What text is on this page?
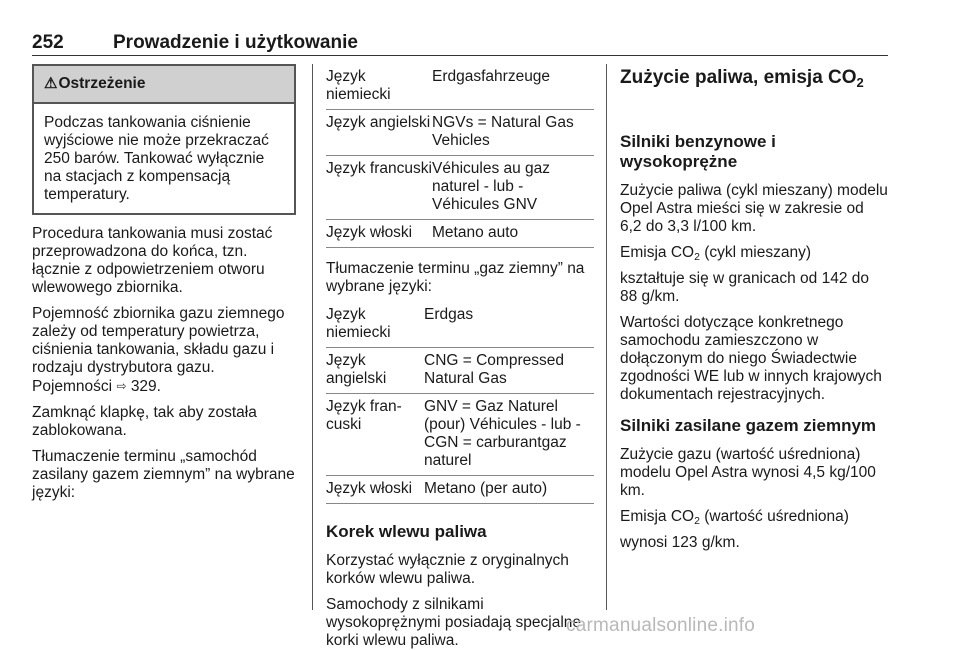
252	Prowadzenie i użytkowanie
⚠Ostrzeżenie
Podczas tankowania ciśnienie wyjściowe nie może przekraczać 250 barów. Tankować wyłącznie na stacjach z kompensacją temperatury.

Procedura tankowania musi zostać przeprowadzona do końca, tzn. łącznie z odpowietrzeniem otworu wlewowego zbiornika.

Pojemność zbiornika gazu ziemnego zależy od temperatury powietrza, ciśnienia tankowania, składu gazu i rodzaju dystrybutora gazu. Pojemności ⇨ 329.

Zamknąć klapkę, tak aby została zablokowana.

Tłumaczenie terminu „samochód zasilany gazem ziemnym” na wybrane języki:

Język niemiecki
Erdgasfahrzeuge
Język angielski NGVs = Natural Gas Vehicles
Język francuski Véhicules au gaz naturel - lub - Véhicules GNV
Język włoski	Metano auto

Tłumaczenie terminu „gaz ziemny” na wybrane języki:

Język niemiecki
Erdgas
Język angielski
CNG = Compressed Natural Gas
Język francuski
GNV = Gaz Naturel (pour) Véhicules - lub - CGN = carburantgaz naturel
Język włoski Metano (per auto)
Korek wlewu paliwa

Korzystać wyłącznie z oryginalnych korków wlewu paliwa.

Samochody z silnikami wysokoprężnymi posiadają specjalne korki wlewu paliwa.

Zużycie paliwa, emisja $CO_2$
Silniki benzynowe i wysokoprężne

Zużycie paliwa (cykl mieszany) modelu Opel Astra mieści się w zakresie od 6,2 do 3,3 l/100 km.

Emisja $CO_2$ (cykl mieszany)

kształtuje się w granicach od 142 do 88 g/km.

Wartości dotyczące konkretnego samochodu zamieszczono w dołączonym do niego Świadectwie zgodności WE lub w innych krajowych dokumentach rejestracyjnych.

Silniki zasilane gazem ziemnym

Zużycie gazu (wartość uśredniona) modelu Opel Astra wynosi 4,5 kg/100 km.

Emisja $CO_2$ (wartość uśredniona)

wynosi 123 g/km.

carmanualsonline.info
